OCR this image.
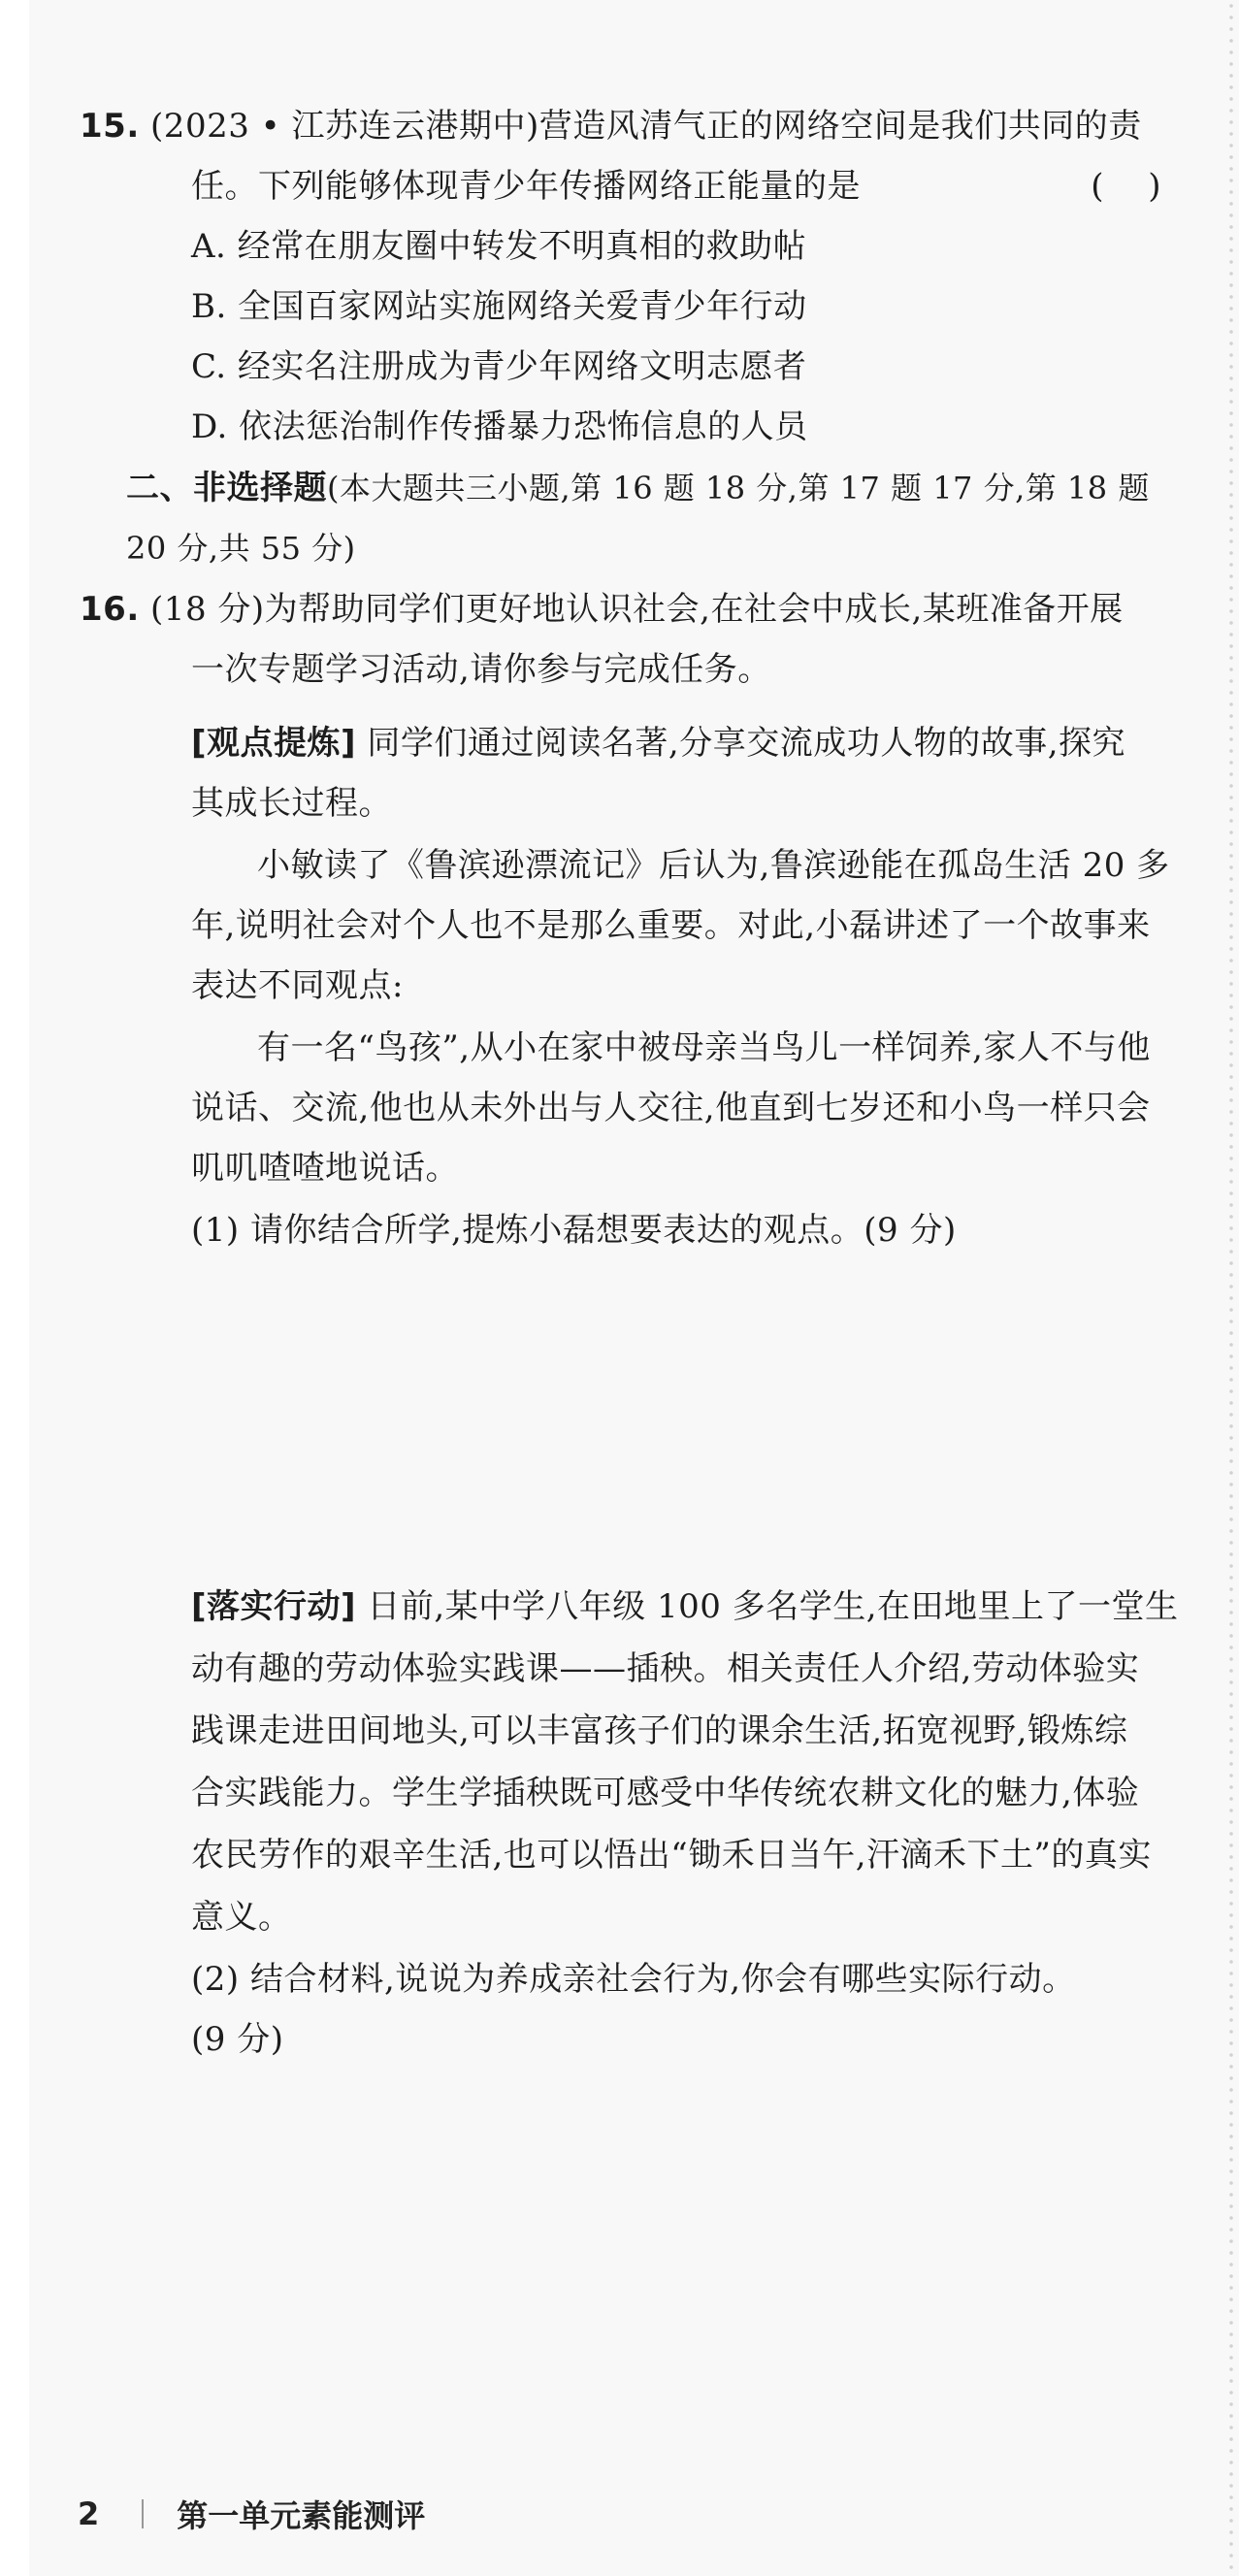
15. (2023 • 江苏连云港期中)营造风清气正的网络空间是我们共同的责
任。下列能够体现青少年传播网络正能量的是	(    )
A. 经常在朋友圈中转发不明真相的救助帖
B. 全国百家网站实施网络关爱青少年行动
C. 经实名注册成为青少年网络文明志愿者
D. 依法惩治制作传播暴力恐怖信息的人员
二、非选择题(本大题共三小题,第 16 题 18 分,第 17 题 17 分,第 18 题
20 分,共 55 分)
16. (18 分)为帮助同学们更好地认识社会,在社会中成长,某班准备开展
一次专题学习活动,请你参与完成任务。
[观点提炼] 同学们通过阅读名著,分享交流成功人物的故事,探究
其成长过程。
小敏读了《鲁滨逊漂流记》后认为,鲁滨逊能在孤岛生活 20 多
年,说明社会对个人也不是那么重要。对此,小磊讲述了一个故事来
表达不同观点:
有一名“鸟孩”,从小在家中被母亲当鸟儿一样饲养,家人不与他
说话、交流,他也从未外出与人交往,他直到七岁还和小鸟一样只会
叽叽喳喳地说话。
(1) 请你结合所学,提炼小磊想要表达的观点。(9 分)
[落实行动] 日前,某中学八年级 100 多名学生,在田地里上了一堂生
动有趣的劳动体验实践课——插秧。相关责任人介绍,劳动体验实
践课走进田间地头,可以丰富孩子们的课余生活,拓宽视野,锻炼综
合实践能力。学生学插秧既可感受中华传统农耕文化的魅力,体验
农民劳作的艰辛生活,也可以悟出“锄禾日当午,汗滴禾下土”的真实
意义。
(2) 结合材料,说说为养成亲社会行为,你会有哪些实际行动。
(9 分)
2	第一单元素能测评
